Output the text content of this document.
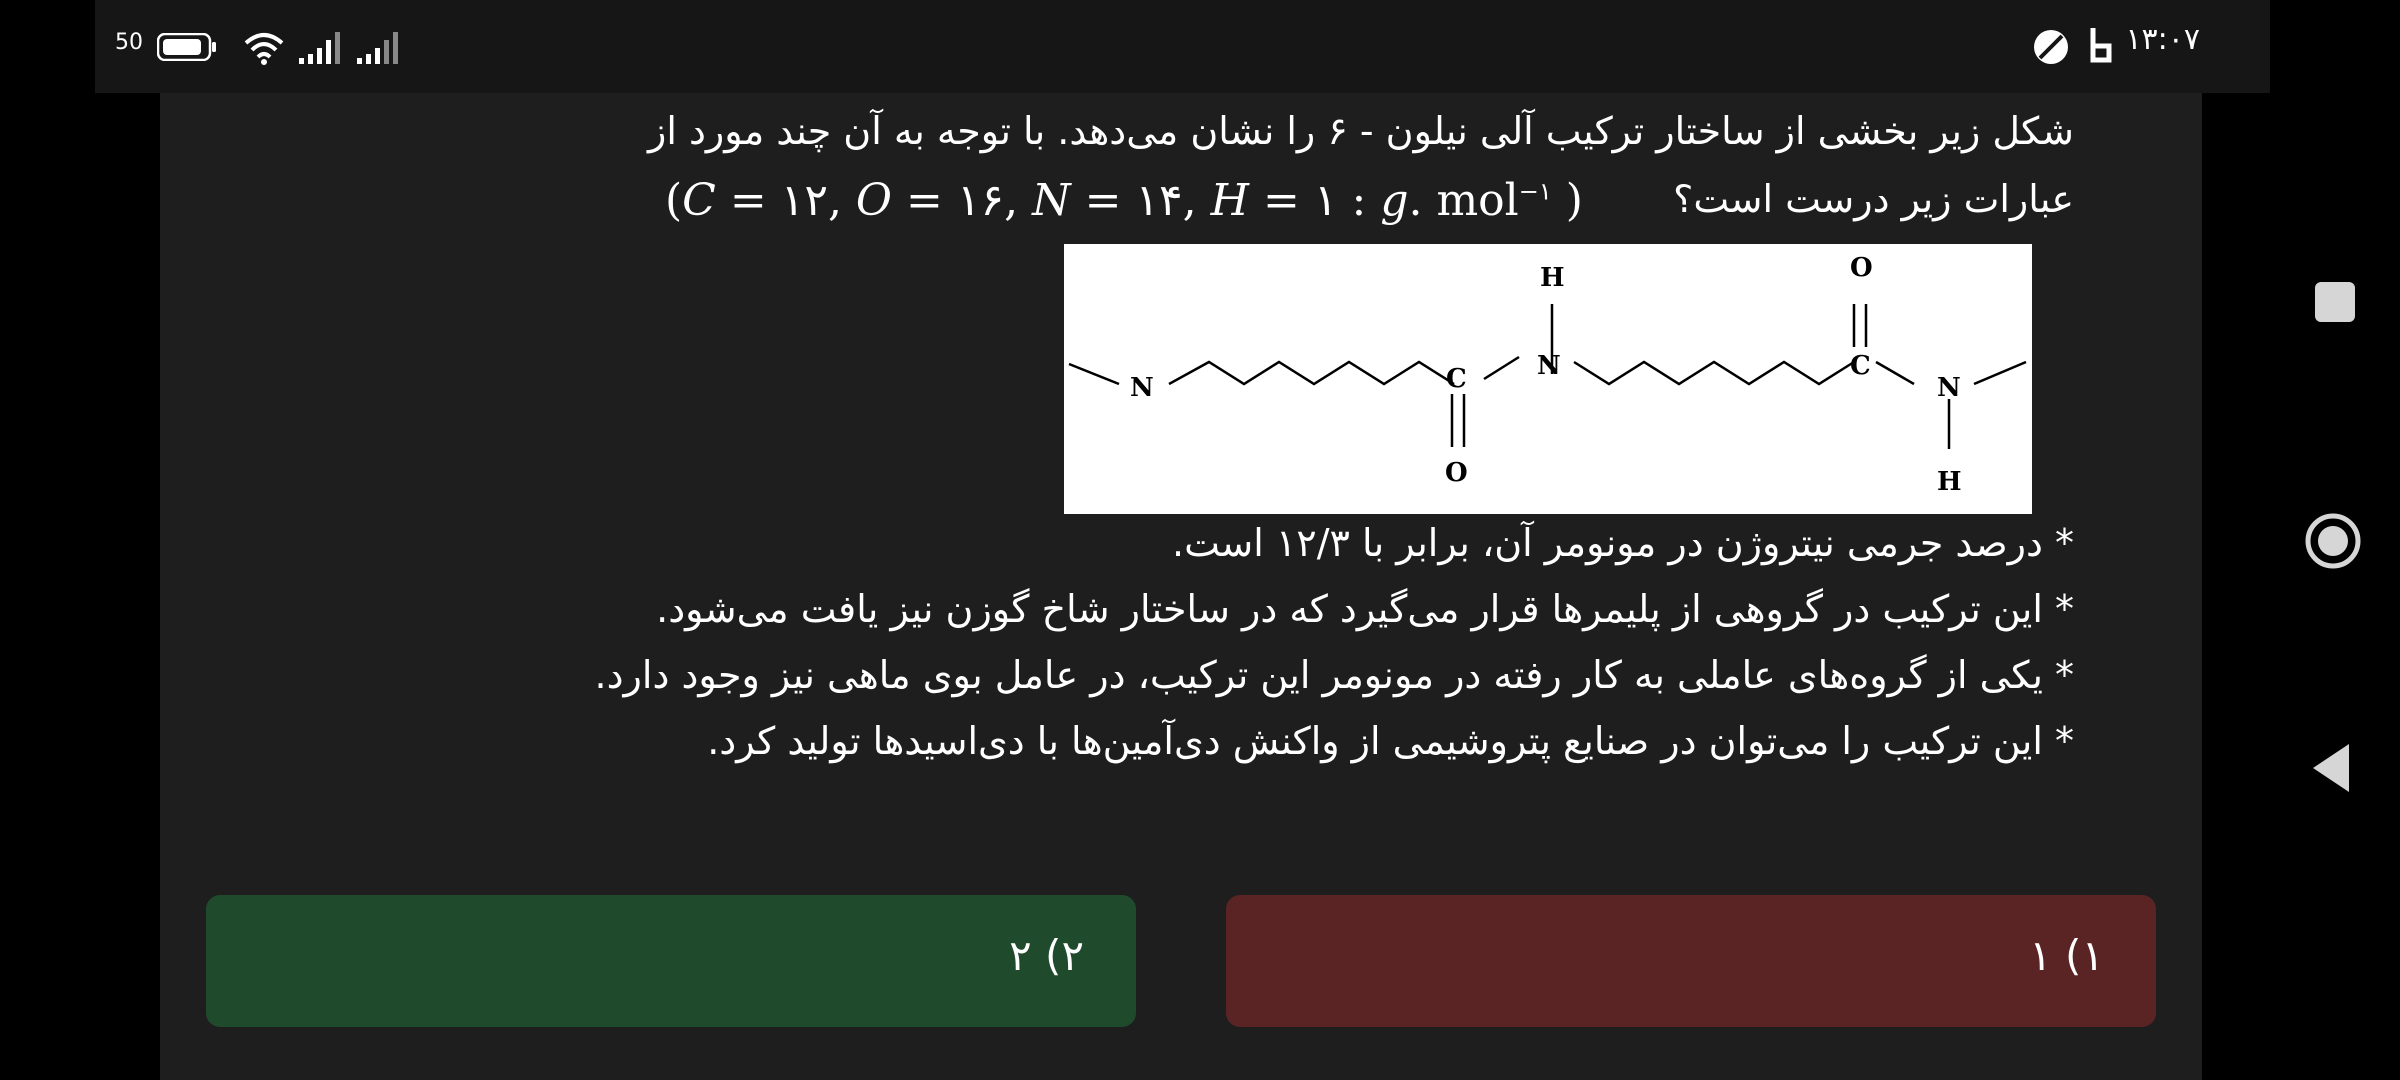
50	۱۳:۰۷
شکل زیر بخشی از ساختار ترکیب آلی نیلون - ۶ را نشان می‌دهد. با توجه به آن چند مورد از
عبارات زیر درست است؟
(C = ۱۲, O = ۱۶, N = ۱۴, H = ۱ : g. mol$^{-۱}$ )
N	C
O
H
N
O
C
N
H
* درصد جرمی نیتروژن در مونومر آن، برابر با ۱۲/۳ است.
* این ترکیب در گروهی از پلیمرها قرار می‌گیرد که در ساختار شاخ گوزن نیز یافت می‌شود.
* یکی از گروه‌های عاملی به کار رفته در مونومر این ترکیب، در عامل بوی ماهی نیز وجود دارد.
* این ترکیب را می‌توان در صنایع پتروشیمی از واکنش دی‌آمین‌ها با دی‌اسیدها تولید کرد.
۱) ۱
۲) ۲
